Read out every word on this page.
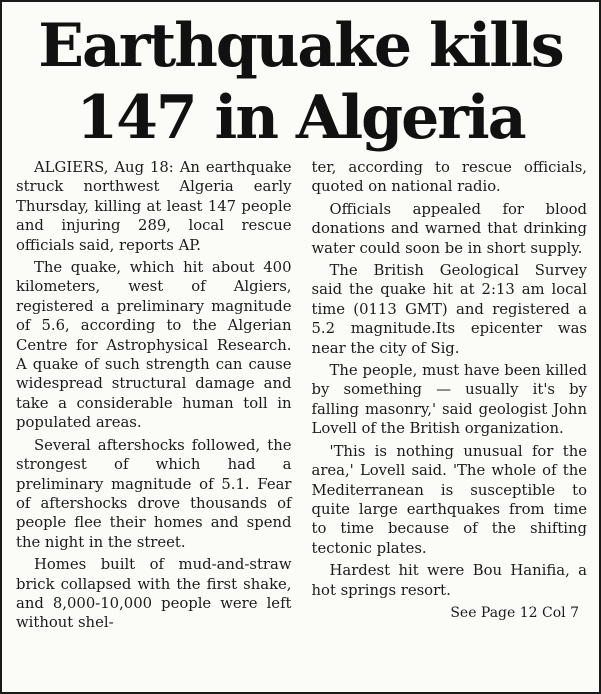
Earthquake kills
147 in Algeria

ALGIERS, Aug 18: An earthquake struck northwest Algeria early Thursday, killing at least 147 people and injuring 289, local rescue officials said, reports AP.

The quake, which hit about 400 kilometers, west of Algiers, registered a preliminary magnitude of 5.6, according to the Algerian Centre for Astrophysical Research. A quake of such strength can cause widespread structural damage and take a considerable human toll in populated areas.

Several aftershocks followed, the strongest of which had a preliminary magnitude of 5.1. Fear of aftershocks drove thousands of people flee their homes and spend the night in the street.

Homes built of mud-and-straw brick collapsed with the first shake, and 8,000-10,000 people were left without shel-

ter, according to rescue officials, quoted on national radio.

Officials appealed for blood donations and warned that drinking water could soon be in short supply.

The British Geological Survey said the quake hit at 2:13 am local time (0113 GMT) and registered a 5.2 magnitude.Its epicenter was near the city of Sig.

The people, must have been killed by something — usually it's by falling masonry,' said geologist John Lovell of the British organization.

'This is nothing unusual for the area,' Lovell said. 'The whole of the Mediterranean is susceptible to quite large earthquakes from time to time because of the shifting tectonic plates.

Hardest hit were Bou Hanifia, a hot springs resort.

See Page 12 Col 7
